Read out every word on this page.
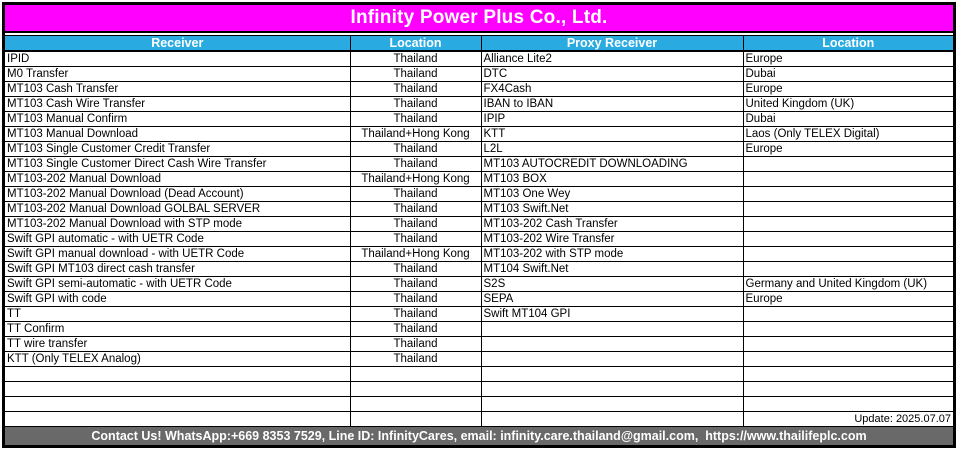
Infinity Power Plus Co., Ltd.
Receiver	Location	Proxy Receiver	Location
IPID	Thailand	Alliance Lite2	Europe
M0 Transfer	Thailand	DTC	Dubai
MT103 Cash Transfer	Thailand	FX4Cash	Europe
MT103 Cash Wire Transfer	Thailand	IBAN to IBAN	United Kingdom (UK)
MT103 Manual Confirm	Thailand	IPIP	Dubai
MT103 Manual Download	Thailand+Hong Kong	KTT	Laos (Only TELEX Digital)
MT103 Single Customer Credit Transfer	Thailand	L2L	Europe
MT103 Single Customer Direct Cash Wire Transfer	Thailand	MT103 AUTOCREDIT DOWNLOADING	
MT103-202 Manual Download	Thailand+Hong Kong	MT103 BOX	
MT103-202 Manual Download (Dead Account)	Thailand	MT103 One Wey	
MT103-202 Manual Download GOLBAL SERVER	Thailand	MT103 Swift.Net	
MT103-202 Manual Download with STP mode	Thailand	MT103-202 Cash Transfer	
Swift GPI automatic - with UETR Code	Thailand	MT103-202 Wire Transfer	
Swift GPI manual download - with UETR Code	Thailand+Hong Kong	MT103-202 with STP mode	
Swift GPI MT103 direct cash transfer	Thailand	MT104 Swift.Net	
Swift GPI semi-automatic - with UETR Code	Thailand	S2S	Germany and United Kingdom (UK)
Swift GPI with code	Thailand	SEPA	Europe
TT	Thailand	Swift MT104 GPI	
TT Confirm	Thailand		
TT wire transfer	Thailand		
KTT (Only TELEX Analog)	Thailand		

			Update: 2025.07.07
Contact Us! WhatsApp:+669 8353 7529, Line ID: InfinityCares, email: infinity.care.thailand@gmail.com,  https://www.thailifeplc.com
